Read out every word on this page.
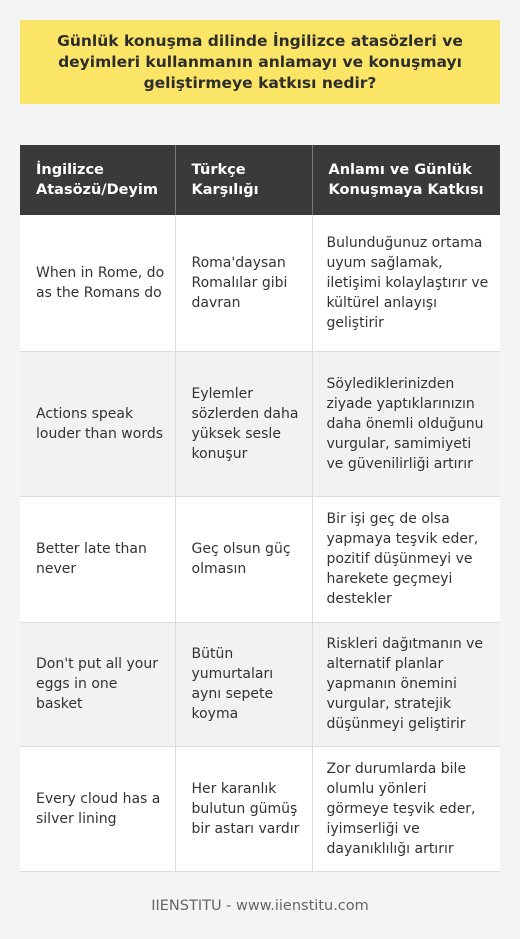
Günlük konuşma dilinde İngilizce atasözleri ve deyimleri kullanmanın anlamayı ve konuşmayı geliştirmeye katkısı nedir?
İngilizce Atasözü/Deyim	Türkçe Karşılığı	Anlamı ve Günlük Konuşmaya Katkısı
When in Rome, do as the Romans do	Roma'daysan Romalılar gibi davran	Bulunduğunuz ortama uyum sağlamak, iletişimi kolaylaştırır ve kültürel anlayışı geliştirir
Actions speak louder than words	Eylemler sözlerden daha yüksek sesle konuşur	Söylediklerinizden ziyade yaptıklarınızın daha önemli olduğunu vurgular, samimiyeti ve güvenilirliği artırır
Better late than never	Geç olsun güç olmasın	Bir işi geç de olsa yapmaya teşvik eder, pozitif düşünmeyi ve harekete geçmeyi destekler
Don't put all your eggs in one basket	Bütün yumurtaları aynı sepete koyma	Riskleri dağıtmanın ve alternatif planlar yapmanın önemini vurgular, stratejik düşünmeyi geliştirir
Every cloud has a silver lining	Her karanlık bulutun gümüş bir astarı vardır	Zor durumlarda bile olumlu yönleri görmeye teşvik eder, iyimserliği ve dayanıklılığı artırır
IIENSTITU - www.iienstitu.com
